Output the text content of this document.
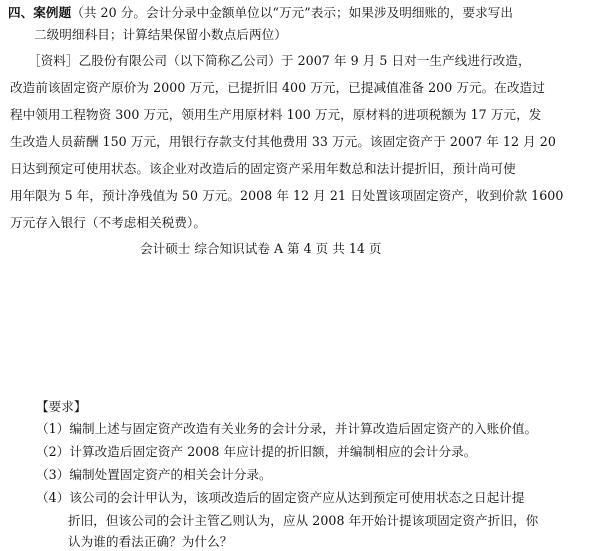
四、案例题（共 20 分。会计分录中金额单位以“万元”表示；如果涉及明细账的，要求写出
二级明细科目；计算结果保留小数点后两位）
［资料］乙股份有限公司（以下简称乙公司）于 2007 年 9 月 5 日对一生产线进行改造，
改造前该固定资产原价为 2000 万元，已提折旧 400 万元，已提减值准备 200 万元。在改造过
程中领用工程物资 300 万元，领用生产用原材料 100 万元，原材料的进项税额为 17 万元，发
生改造人员薪酬 150 万元，用银行存款支付其他费用 33 万元。该固定资产于 2007 年 12 月 20
日达到预定可使用状态。该企业对改造后的固定资产采用年数总和法计提折旧，预计尚可使
用年限为 5 年，预计净残值为 50 万元。2008 年 12 月 21 日处置该项固定资产，收到价款 1600
万元存入银行（不考虑相关税费）。
会计硕士 综合知识试卷 A 第 4 页 共 14 页
【要求】
（1）编制上述与固定资产改造有关业务的会计分录，并计算改造后固定资产的入账价值。
（2）计算改造后固定资产 2008 年应计提的折旧额，并编制相应的会计分录。
（3）编制处置固定资产的相关会计分录。
（4）该公司的会计甲认为，该项改造后的固定资产应从达到预定可使用状态之日起计提
折旧，但该公司的会计主管乙则认为，应从 2008 年开始计提该项固定资产折旧，你
认为谁的看法正确？为什么？
